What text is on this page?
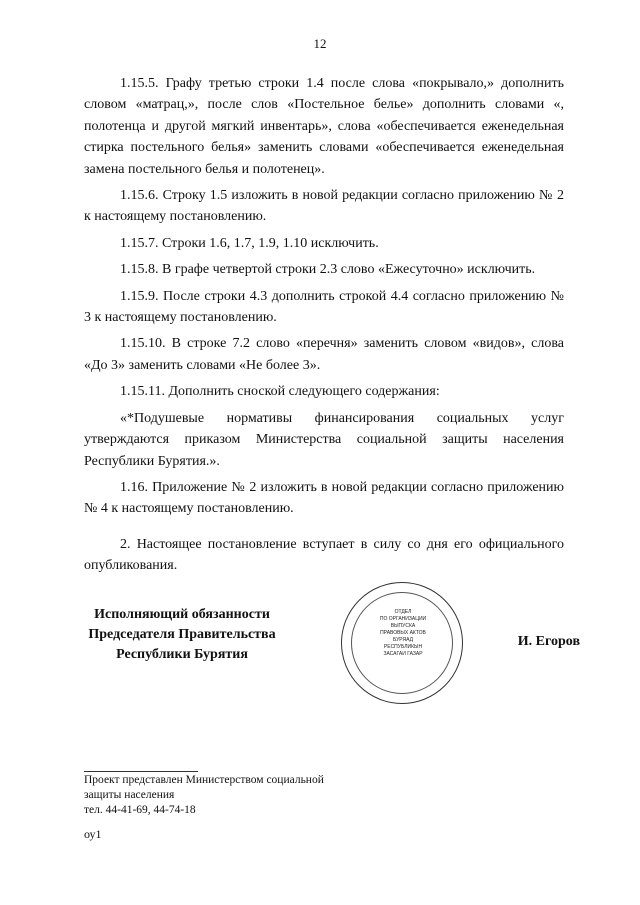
12

1.15.5. Графу третью строки 1.4 после слова «покрывало,» дополнить словом «матрац,», после слов «Постельное белье» дополнить словами «, полотенца и другой мягкий инвентарь», слова «обеспечивается еженедельная стирка постельного белья» заменить словами «обеспечивается еженедельная замена постельного белья и полотенец».

1.15.6. Строку 1.5 изложить в новой редакции согласно приложению № 2 к настоящему постановлению.

1.15.7. Строки 1.6, 1.7, 1.9, 1.10 исключить.

1.15.8. В графе четвертой строки 2.3 слово «Ежесуточно» исключить.

1.15.9. После строки 4.3 дополнить строкой 4.4 согласно приложению № 3 к настоящему постановлению.

1.15.10. В строке 7.2 слово «перечня» заменить словом «видов», слова «До 3» заменить словами «Не более 3».

1.15.11. Дополнить сноской следующего содержания:

«*Подушевые нормативы финансирования социальных услуг утверждаются приказом Министерства социальной защиты населения Республики Бурятия.».

1.16. Приложение № 2 изложить в новой редакции согласно приложению № 4 к настоящему постановлению.

2. Настоящее постановление вступает в силу со дня его официального опубликования.

Исполняющий обязанности
Председателя Правительства
Республики Бурятия
ОТДЕЛ
ПО ОРГАНИЗАЦИИ
ВЫПУСКА
ПРАВОВЫХ АКТОВ
БУРЯАД
РЕСПУБЛИКЫН
ЗАСАГАЙ ГАЗАР
И. Егоров

Проект представлен Министерством социальной

защиты населения

тел. 44-41-69, 44-74-18

оу1
